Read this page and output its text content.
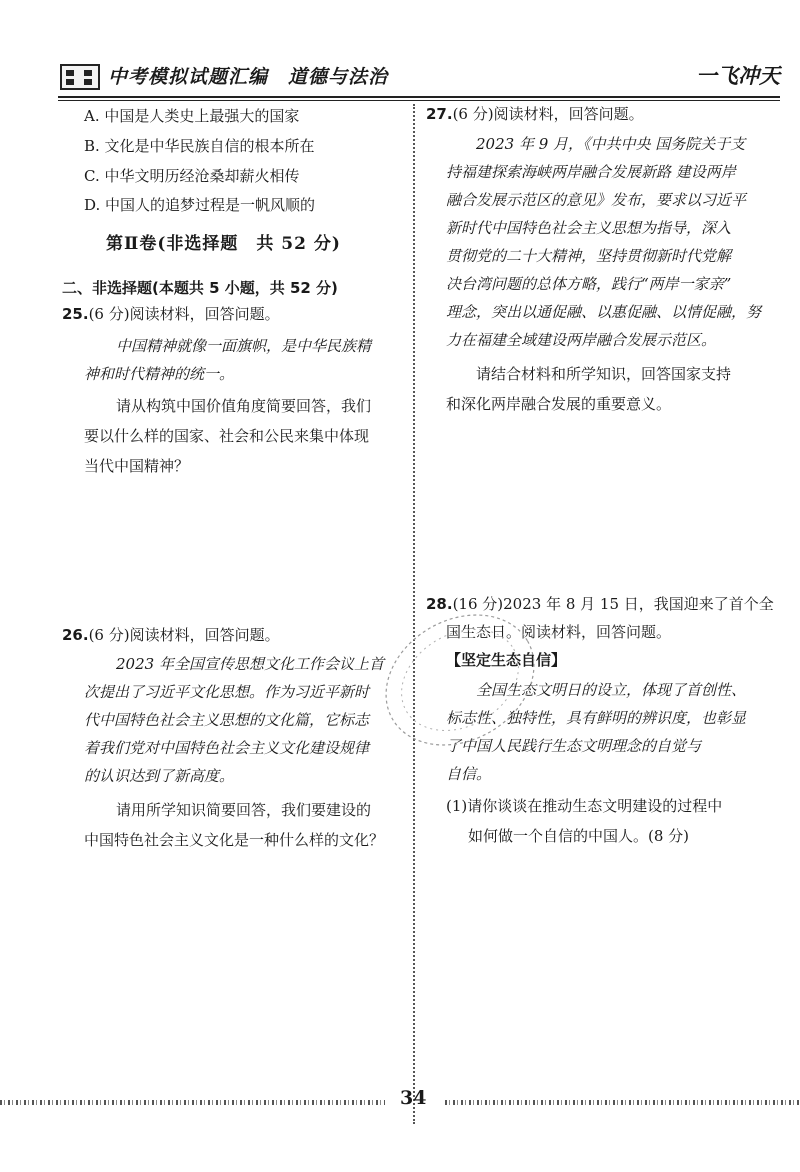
中考模拟试题汇编　道德与法治	一飞冲天
A. 中国是人类史上最强大的国家
B. 文化是中华民族自信的根本所在
C. 中华文明历经沧桑却薪火相传
D. 中国人的追梦过程是一帆风顺的
第Ⅱ卷(非选择题　共 52 分)
二、非选择题(本题共 5 小题，共 52 分)
25.(6 分)阅读材料，回答问题。
中国精神就像一面旗帜，是中华民族精
神和时代精神的统一。
请从构筑中国价值角度简要回答，我们
要以什么样的国家、社会和公民来集中体现
当代中国精神？
26.(6 分)阅读材料，回答问题。
2023 年全国宣传思想文化工作会议上首
次提出了习近平文化思想。作为习近平新时
代中国特色社会主义思想的文化篇，它标志
着我们党对中国特色社会主义文化建设规律
的认识达到了新高度。
请用所学知识简要回答，我们要建设的
中国特色社会主义文化是一种什么样的文化？
27.(6 分)阅读材料，回答问题。
2023 年 9 月，《中共中央 国务院关于支
持福建探索海峡两岸融合发展新路 建设两岸
融合发展示范区的意见》发布，要求以习近平
新时代中国特色社会主义思想为指导，深入
贯彻党的二十大精神，坚持贯彻新时代党解
决台湾问题的总体方略，践行“两岸一家亲”
理念，突出以通促融、以惠促融、以情促融，努
力在福建全域建设两岸融合发展示范区。
请结合材料和所学知识，回答国家支持
和深化两岸融合发展的重要意义。
28.(16 分)2023 年 8 月 15 日，我国迎来了首个全
国生态日。阅读材料，回答问题。
【坚定生态自信】
全国生态文明日的设立，体现了首创性、
标志性、独特性，具有鲜明的辨识度，也彰显
了中国人民践行生态文明理念的自觉与
自信。
(1)请你谈谈在推动生态文明建设的过程中
如何做一个自信的中国人。(8 分)
34
